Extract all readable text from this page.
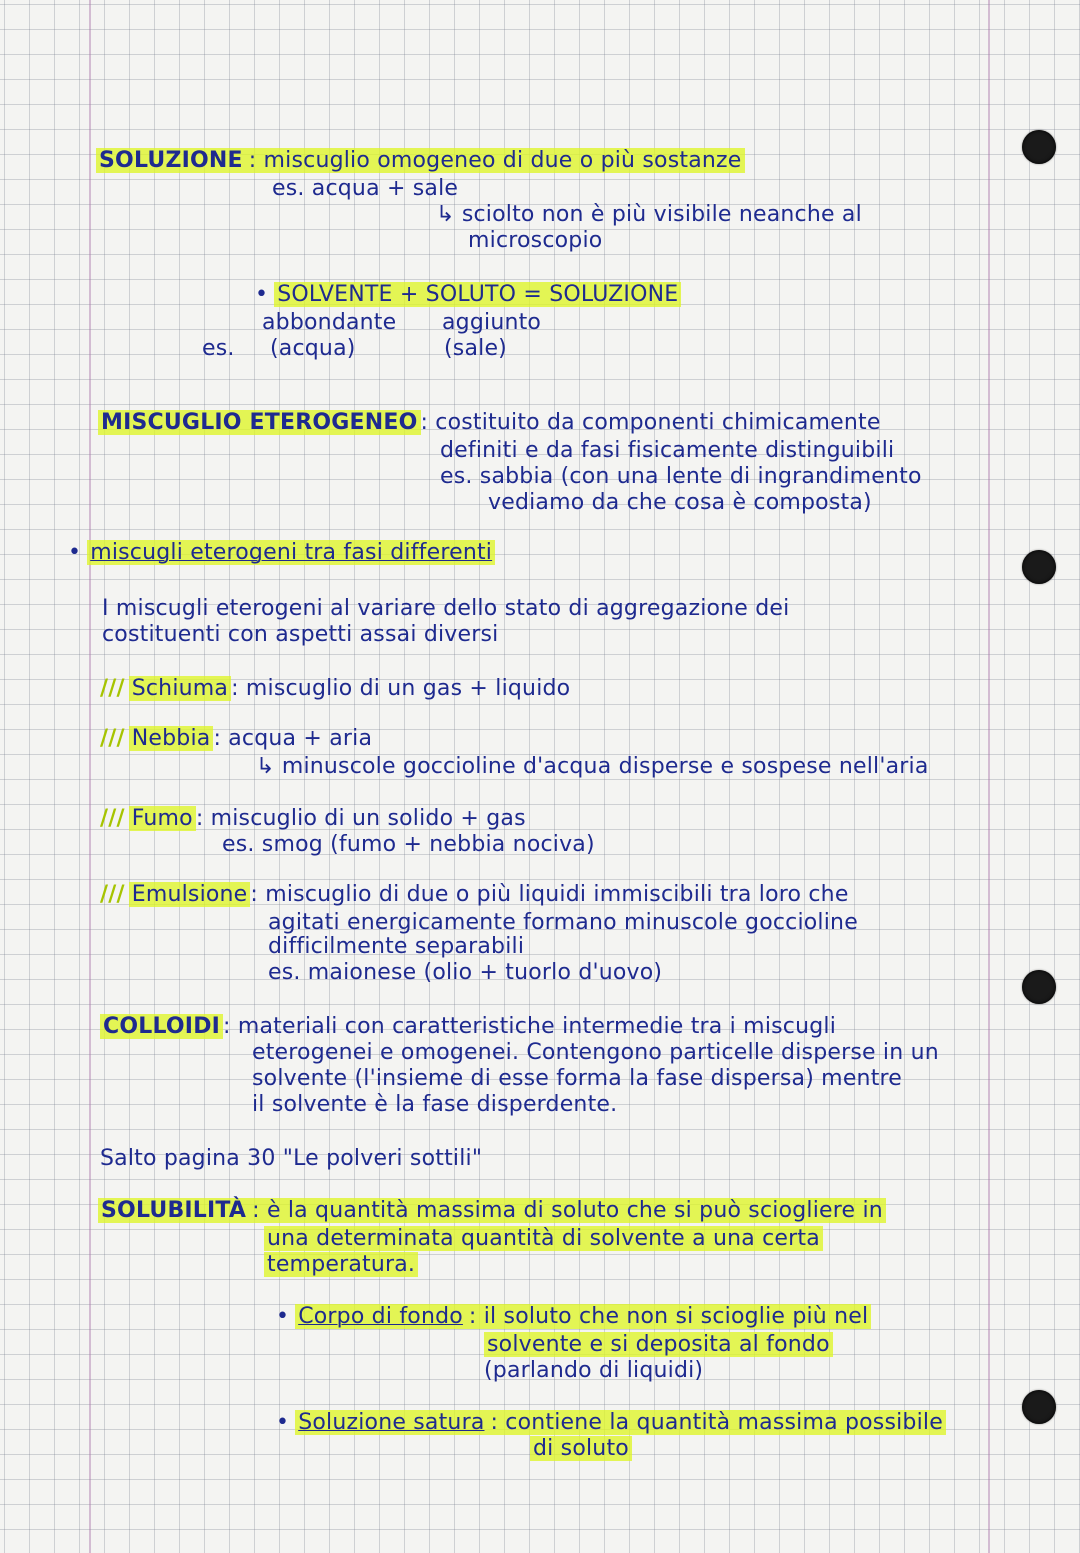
SOLUZIONE : miscuglio omogeneo di due o più sostanze
es. acqua + sale
↳ sciolto non è più visibile neanche al
microscopio
• SOLVENTE + SOLUTO = SOLUZIONE
abbondante aggiunto
es. (acqua)	(sale)
MISCUGLIO ETEROGENEO : costituito da componenti chimicamente
definiti e da fasi fisicamente distinguibili
es. sabbia (con una lente di ingrandimento
vediamo da che cosa è composta)
• miscugli eterogeni tra fasi differenti
I miscugli eterogeni al variare dello stato di aggregazione dei
costituenti con aspetti assai diversi
/// Schiuma : miscuglio di un gas + liquido
/// Nebbia : acqua + aria
↳ minuscole goccioline d'acqua disperse e sospese nell'aria
/// Fumo : miscuglio di un solido + gas
es. smog (fumo + nebbia nociva)
/// Emulsione : miscuglio di due o più liquidi immiscibili tra loro che
agitati energicamente formano minuscole goccioline
difficilmente separabili
es. maionese (olio + tuorlo d'uovo)
COLLOIDI : materiali con caratteristiche intermedie tra i miscugli
eterogenei e omogenei. Contengono particelle disperse in un
solvente (l'insieme di esse forma la fase dispersa) mentre
il solvente è la fase disperdente.
Salto pagina 30 "Le polveri sottili"
SOLUBILITÀ : è la quantità massima di soluto che si può sciogliere in
una determinata quantità di solvente a una certa
temperatura.
• Corpo di fondo : il soluto che non si scioglie più nel
solvente e si deposita al fondo
(parlando di liquidi)
• Soluzione satura : contiene la quantità massima possibile
di soluto
